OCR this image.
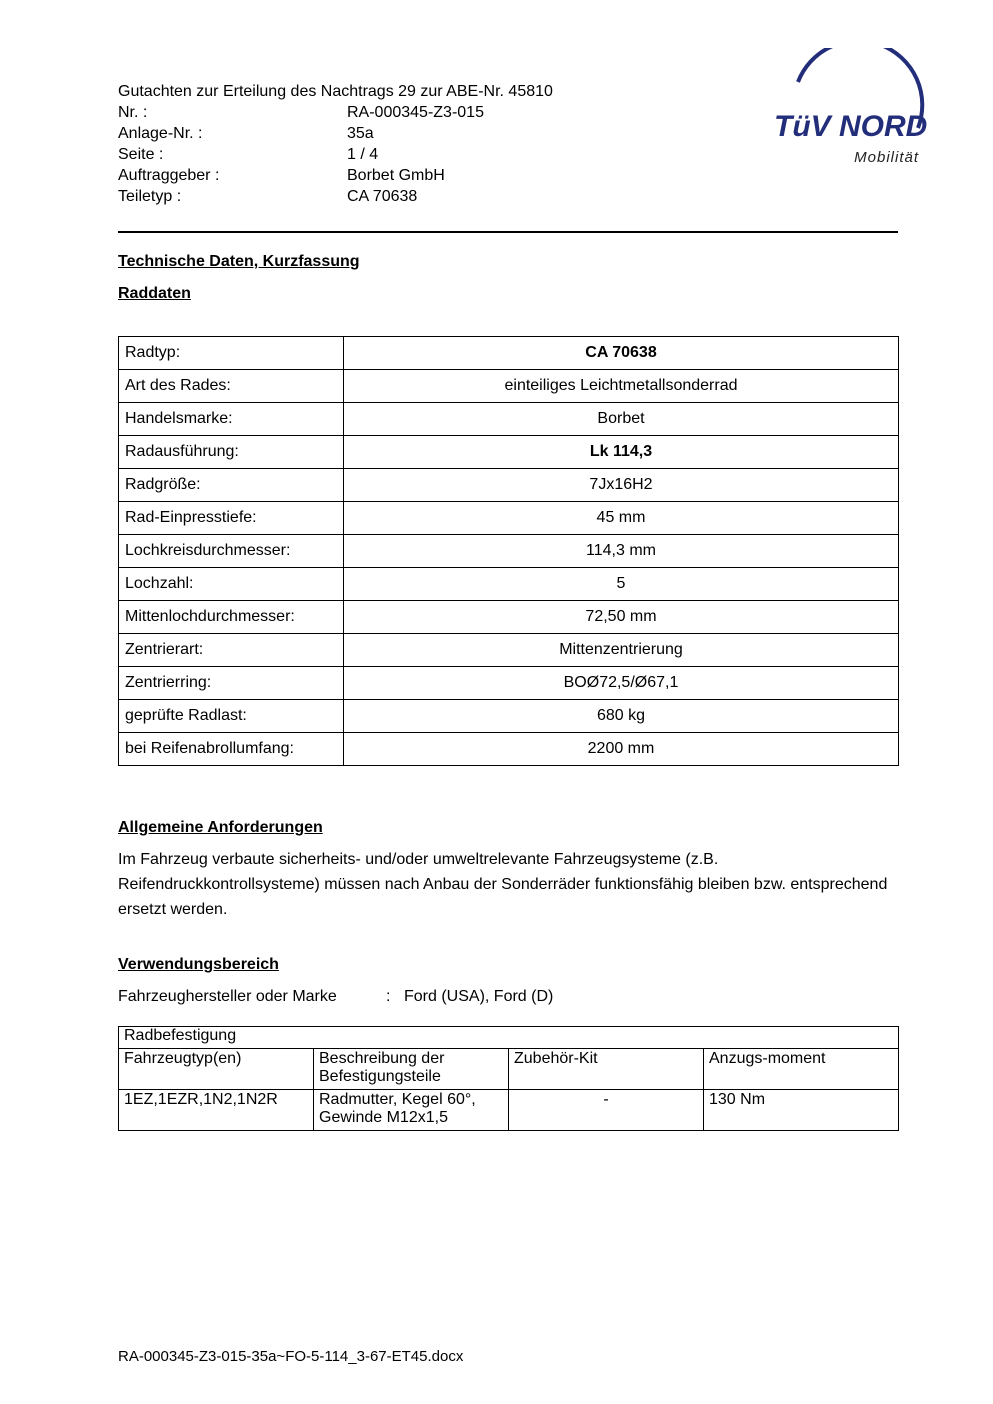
Gutachten zur Erteilung des Nachtrags 29 zur ABE-Nr. 45810
Nr. :	RA-000345-Z3-015
Anlage-Nr. :	35a
Seite :	1 / 4
Auftraggeber :	Borbet GmbH
Teiletyp :	CA 70638
TüV NORD
Mobilität
Technische Daten, Kurzfassung
Raddaten
Radtyp:	CA 70638
Art des Rades:	einteiliges Leichtmetallsonderrad
Handelsmarke:	Borbet
Radausführung:	Lk 114,3
Radgröße:	7Jx16H2
Rad-Einpresstiefe:	45 mm
Lochkreisdurchmesser:	114,3 mm
Lochzahl:	5
Mittenlochdurchmesser:	72,50 mm
Zentrierart:	Mittenzentrierung
Zentrierring:	BOØ72,5/Ø67,1
geprüfte Radlast:	680 kg
bei Reifenabrollumfang:	2200 mm
Allgemeine Anforderungen
Im Fahrzeug verbaute sicherheits- und/oder umweltrelevante Fahrzeugsysteme (z.B. Reifendruckkontrollsysteme) müssen nach Anbau der Sonderräder funktionsfähig bleiben bzw. entsprechend ersetzt werden.
Verwendungsbereich
Fahrzeughersteller oder Marke	: Ford (USA), Ford (D)
Radbefestigung			
Fahrzeugtyp(en)	Beschreibung der Befestigungsteile	Zubehör-Kit	Anzugs-moment
1EZ,1EZR,1N2,1N2R	Radmutter, Kegel 60°, Gewinde M12x1,5	-	130 Nm
RA-000345-Z3-015-35a~FO-5-114_3-67-ET45.docx
